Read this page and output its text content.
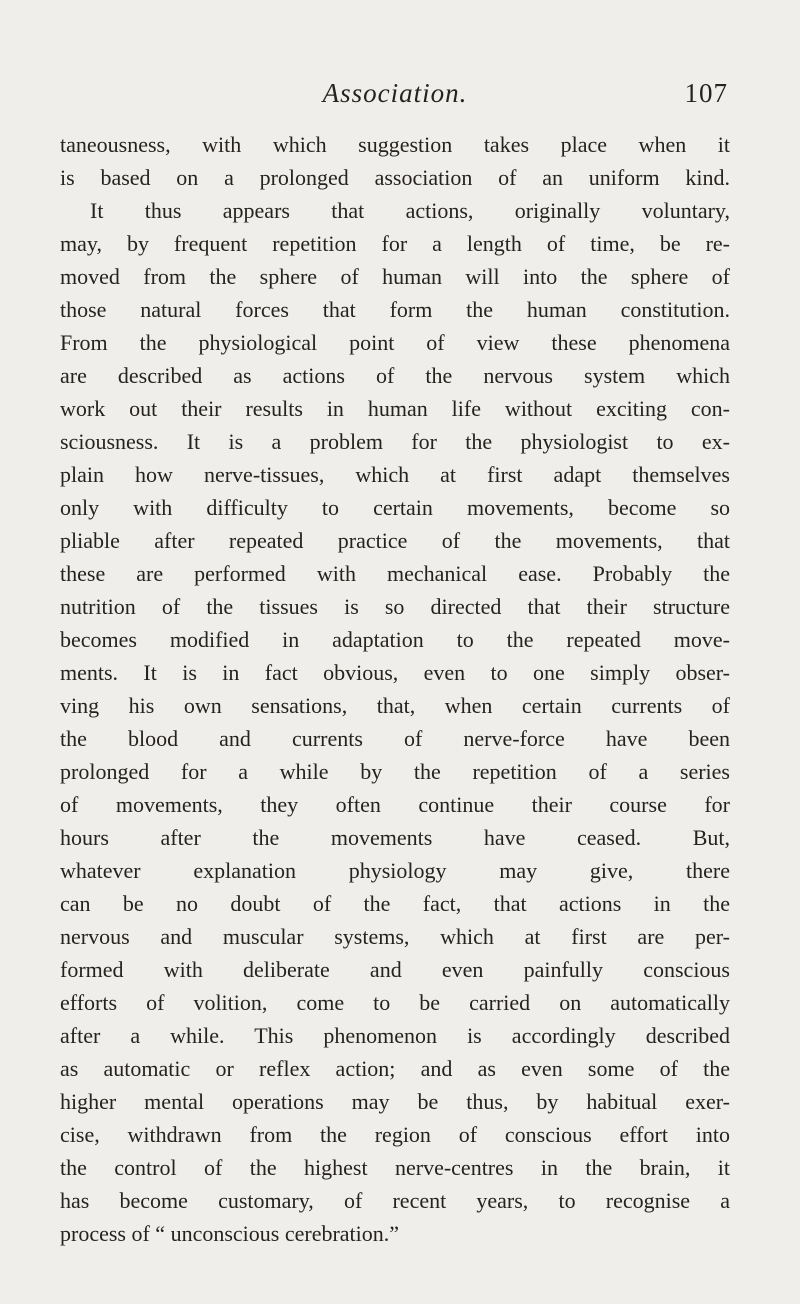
Association.	107
taneousness, with which suggestion takes place when it
is based on a prolonged association of an uniform kind.
It thus appears that actions, originally voluntary,
may, by frequent repetition for a length of time, be re-
moved from the sphere of human will into the sphere of
those natural forces that form the human constitution.
From the physiological point of view these phenomena
are described as actions of the nervous system which
work out their results in human life without exciting con-
sciousness. It is a problem for the physiologist to ex-
plain how nerve-tissues, which at first adapt themselves
only with difficulty to certain movements, become so
pliable after repeated practice of the movements, that
these are performed with mechanical ease. Probably the
nutrition of the tissues is so directed that their structure
becomes modified in adaptation to the repeated move-
ments. It is in fact obvious, even to one simply obser-
ving his own sensations, that, when certain currents of
the blood and currents of nerve-force have been
prolonged for a while by the repetition of a series
of movements, they often continue their course for
hours after the movements have ceased. But,
whatever explanation physiology may give, there
can be no doubt of the fact, that actions in the
nervous and muscular systems, which at first are per-
formed with deliberate and even painfully conscious
efforts of volition, come to be carried on automatically
after a while. This phenomenon is accordingly described
as automatic or reflex action; and as even some of the
higher mental operations may be thus, by habitual exer-
cise, withdrawn from the region of conscious effort into
the control of the highest nerve-centres in the brain, it
has become customary, of recent years, to recognise a
process of “ unconscious cerebration.”
